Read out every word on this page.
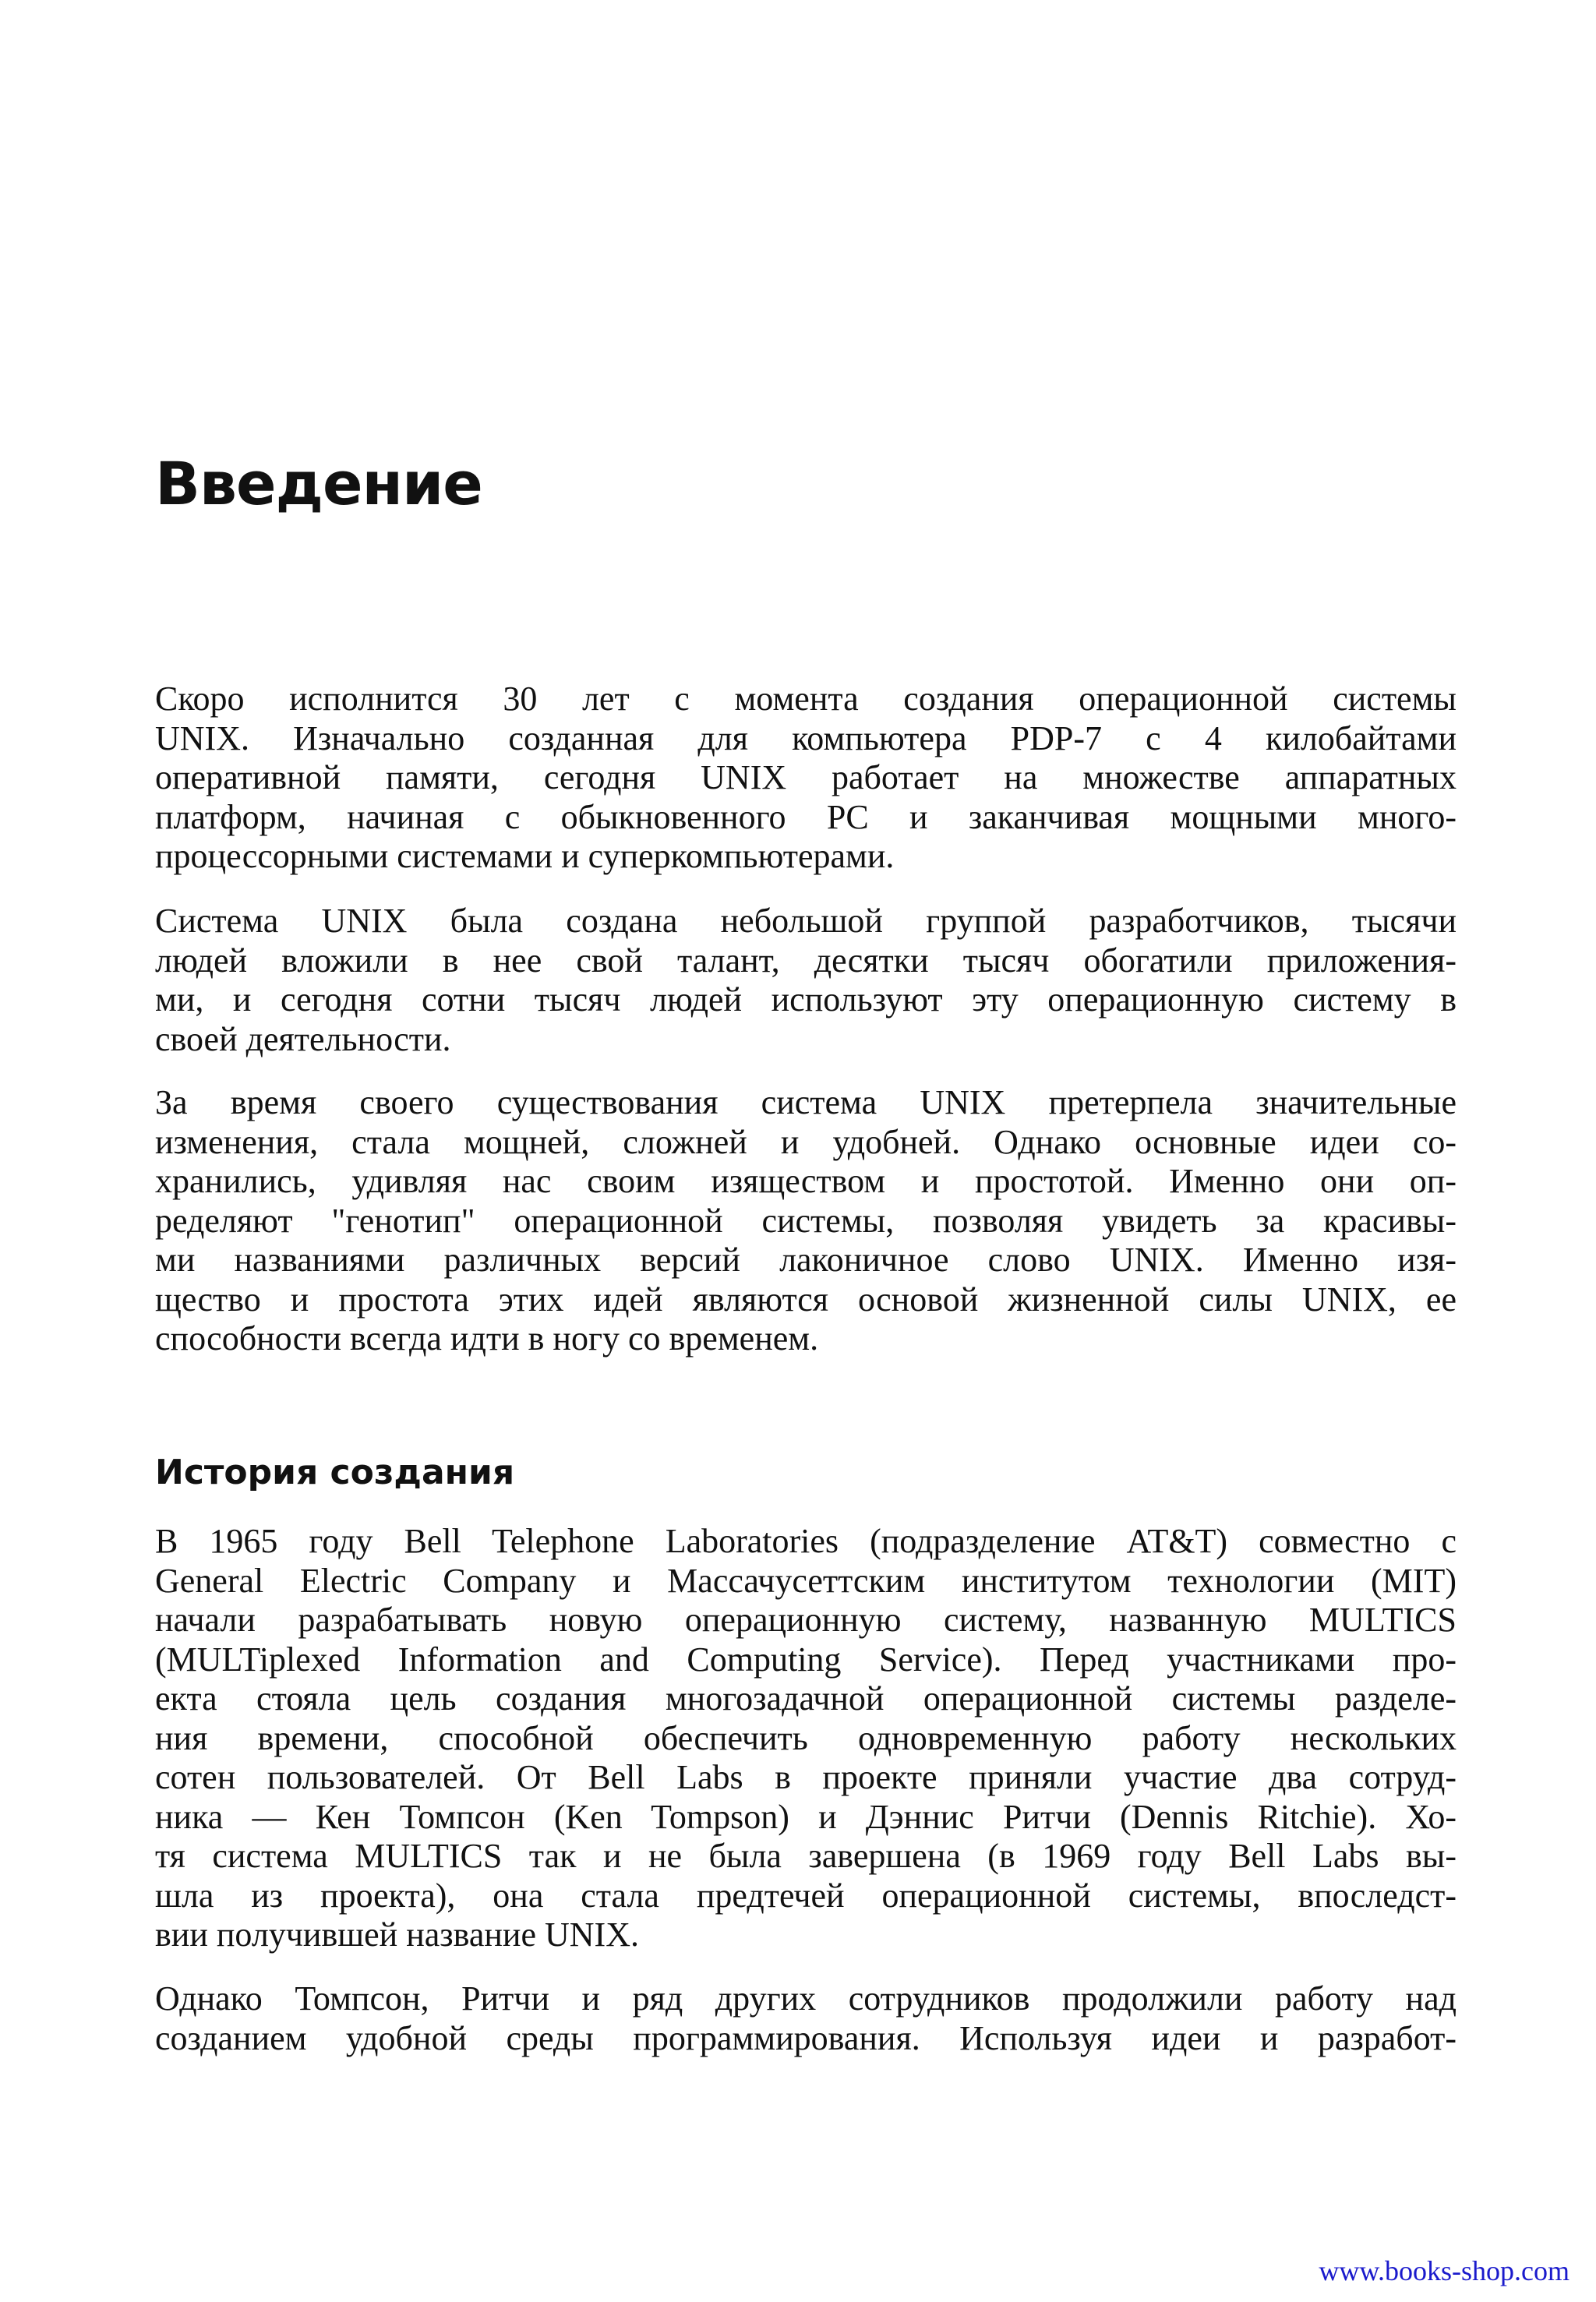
Введение

Скоро исполнится 30 лет с момента создания операционной системы
UNIX. Изначально созданная для компьютера PDP-7 с 4 килобайтами
оперативной памяти, сегодня UNIX работает на множестве аппаратных
платформ, начиная с обыкновенного PC и заканчивая мощными много-
процессорными системами и суперкомпьютерами.

Система UNIX была создана небольшой группой разработчиков, тысячи
людей вложили в нее свой талант, десятки тысяч обогатили приложения-
ми, и сегодня сотни тысяч людей используют эту операционную систему в
своей деятельности.

За время своего существования система UNIX претерпела значительные
изменения, стала мощней, сложней и удобней. Однако основные идеи со-
хранились, удивляя нас своим изяществом и простотой. Именно они оп-
ределяют "генотип" операционной системы, позволяя увидеть за красивы-
ми названиями различных версий лаконичное слово UNIX. Именно изя-
щество и простота этих идей являются основой жизненной силы UNIX, ее
способности всегда идти в ногу со временем.

История создания

В 1965 году Bell Telephone Laboratories (подразделение AT&T) совместно с
General Electric Company и Массачусеттским институтом технологии (MIT)
начали разрабатывать новую операционную систему, названную MULTICS
(MULTiplexed Information and Computing Service). Перед участниками про-
екта стояла цель создания многозадачной операционной системы разделе-
ния времени, способной обеспечить одновременную работу нескольких
сотен пользователей. От Bell Labs в проекте приняли участие два сотруд-
ника — Кен Томпсон (Ken Tompson) и Дэннис Ритчи (Dennis Ritchie). Хо-
тя система MULTICS так и не была завершена (в 1969 году Bell Labs вы-
шла из проекта), она стала предтечей операционной системы, впоследст-
вии получившей название UNIX.

Однако Томпсон, Ритчи и ряд других сотрудников продолжили работу над
созданием удобной среды программирования. Используя идеи и разработ-

www.books-shop.com
